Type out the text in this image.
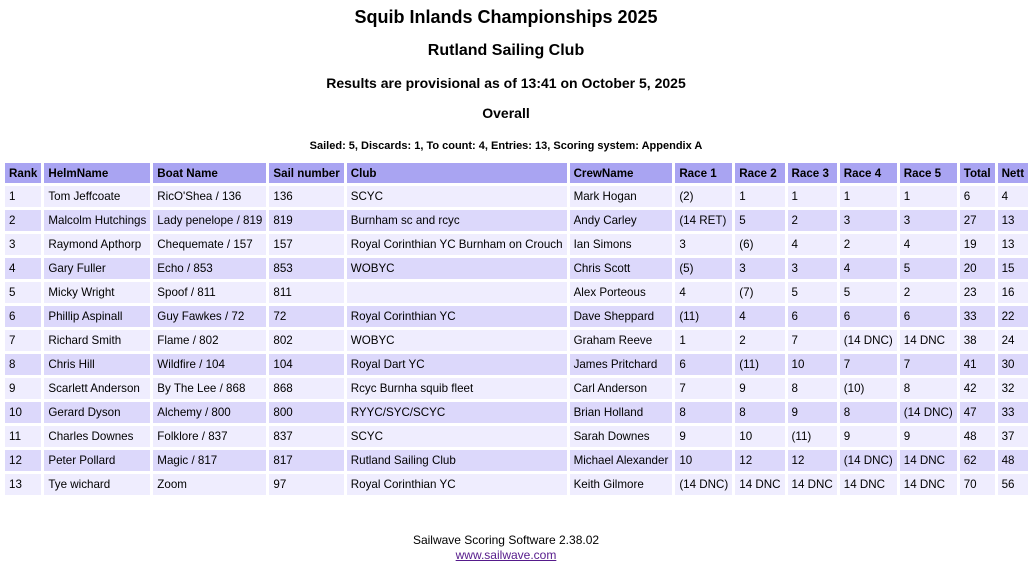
Squib Inlands Championships 2025
Rutland Sailing Club
Results are provisional as of 13:41 on October 5, 2025
Overall
Sailed: 5, Discards: 1, To count: 4, Entries: 13, Scoring system: Appendix A
Rank	HelmName	Boat Name	Sail number	Club	CrewName	Race 1	Race 2	Race 3	Race 4	Race 5	Total	Nett
1	Tom Jeffcoate	RicO'Shea / 136	136	SCYC	Mark Hogan	(2)	1	1	1	1	6	4
2	Malcolm Hutchings	Lady penelope / 819	819	Burnham sc and rcyc	Andy Carley	(14 RET)	5	2	3	3	27	13
3	Raymond Apthorp	Chequemate / 157	157	Royal Corinthian YC Burnham on Crouch	Ian Simons	3	(6)	4	2	4	19	13
4	Gary Fuller	Echo / 853	853	WOBYC	Chris Scott	(5)	3	3	4	5	20	15
5	Micky Wright	Spoof / 811	811		Alex Porteous	4	(7)	5	5	2	23	16
6	Phillip Aspinall	Guy Fawkes / 72	72	Royal Corinthian YC	Dave Sheppard	(11)	4	6	6	6	33	22
7	Richard Smith	Flame / 802	802	WOBYC	Graham Reeve	1	2	7	(14 DNC)	14 DNC	38	24
8	Chris Hill	Wildfire / 104	104	Royal Dart YC	James Pritchard	6	(11)	10	7	7	41	30
9	Scarlett Anderson	By The Lee / 868	868	Rcyc Burnha squib fleet	Carl Anderson	7	9	8	(10)	8	42	32
10	Gerard Dyson	Alchemy / 800	800	RYYC/SYC/SCYC	Brian Holland	8	8	9	8	(14 DNC)	47	33
11	Charles Downes	Folklore / 837	837	SCYC	Sarah Downes	9	10	(11)	9	9	48	37
12	Peter Pollard	Magic / 817	817	Rutland Sailing Club	Michael Alexander	10	12	12	(14 DNC)	14 DNC	62	48
13	Tye wichard	Zoom	97	Royal Corinthian YC	Keith Gilmore	(14 DNC)	14 DNC	14 DNC	14 DNC	14 DNC	70	56
Sailwave Scoring Software 2.38.02
www.sailwave.com
